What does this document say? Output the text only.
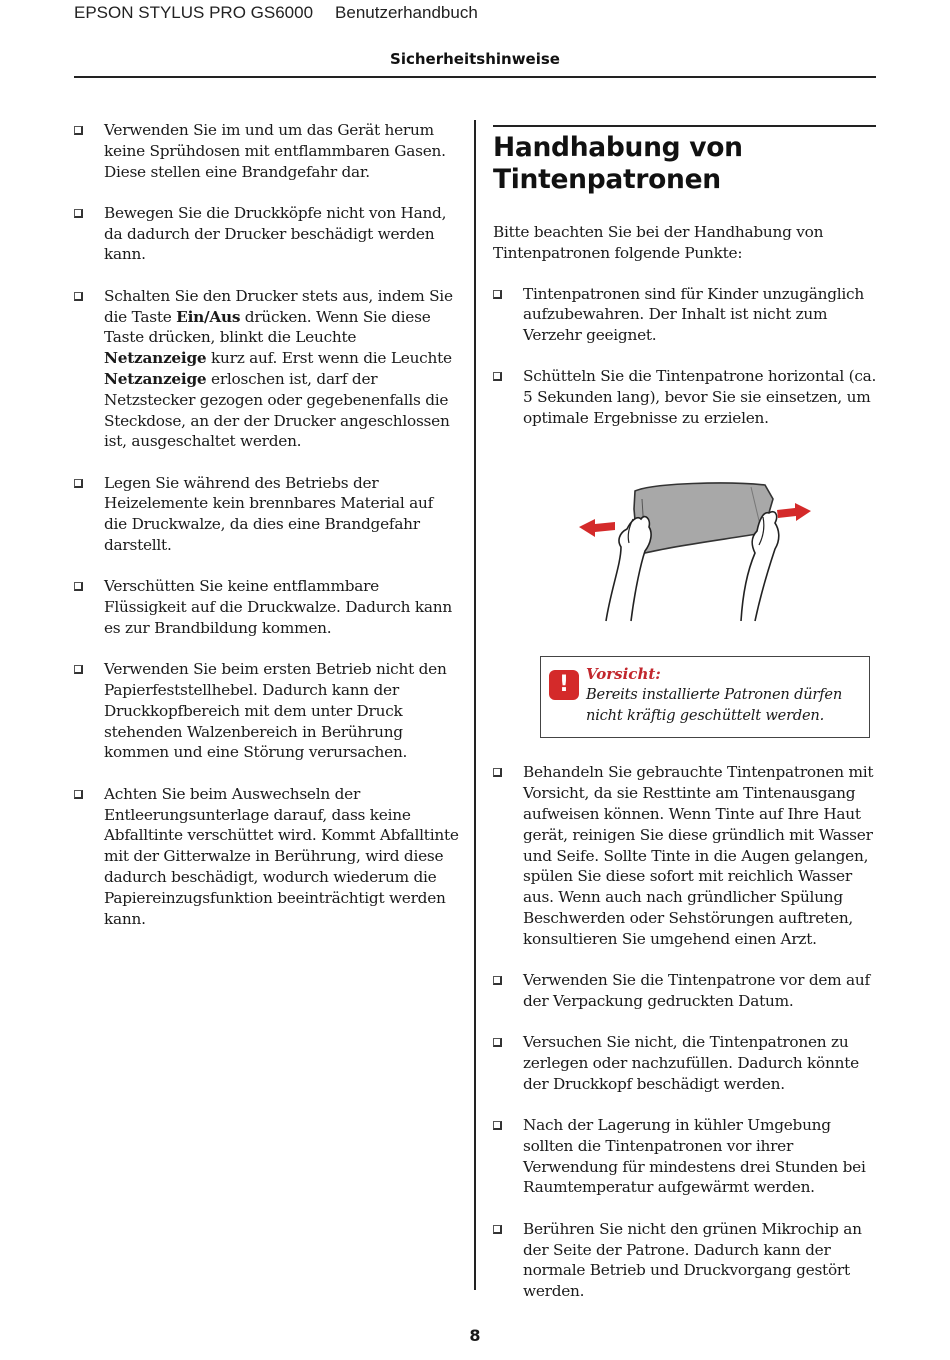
EPSON STYLUS PRO GS6000 Benutzerhandbuch
Sicherheitshinweise
Verwenden Sie im und um das Gerät herum keine Sprühdosen mit entflammbaren Gasen. Diese stellen eine Brandgefahr dar.
Bewegen Sie die Druckköpfe nicht von Hand, da dadurch der Drucker beschädigt werden kann.
Schalten Sie den Drucker stets aus, indem Sie die Taste Ein/Aus drücken. Wenn Sie diese Taste drücken, blinkt die Leuchte Netzanzeige kurz auf. Erst wenn die Leuchte Netzanzeige erloschen ist, darf der Netzstecker gezogen oder gegebenenfalls die Steckdose, an der der Drucker angeschlossen ist, ausgeschaltet werden.
Legen Sie während des Betriebs der Heizelemente kein brennbares Material auf die Druckwalze, da dies eine Brandgefahr darstellt.
Verschütten Sie keine entflammbare Flüssigkeit auf die Druckwalze. Dadurch kann es zur Brandbildung kommen.
Verwenden Sie beim ersten Betrieb nicht den Papierfeststellhebel. Dadurch kann der Druckkopfbereich mit dem unter Druck stehenden Walzenbereich in Berührung kommen und eine Störung verursachen.
Achten Sie beim Auswechseln der Entleerungsunterlage darauf, dass keine Abfalltinte verschüttet wird. Kommt Abfalltinte mit der Gitterwalze in Berührung, wird diese dadurch beschädigt, wodurch wiederum die Papiereinzugsfunktion beeinträchtigt werden kann.
Handhabung von
Tintenpatronen

Bitte beachten Sie bei der Handhabung von Tintenpatronen folgende Punkte:

Tintenpatronen sind für Kinder unzugänglich aufzubewahren. Der Inhalt ist nicht zum Verzehr geeignet.
Schütteln Sie die Tintenpatrone horizontal (ca. 5 Sekunden lang), bevor Sie sie einsetzen, um optimale Ergebnisse zu erzielen.
!	Vorsicht:
Bereits installierte Patronen dürfen nicht kräftig geschüttelt werden.
Behandeln Sie gebrauchte Tintenpatronen mit Vorsicht, da sie Resttinte am Tintenausgang aufweisen können. Wenn Tinte auf Ihre Haut gerät, reinigen Sie diese gründlich mit Wasser und Seife. Sollte Tinte in die Augen gelangen, spülen Sie diese sofort mit reichlich Wasser aus. Wenn auch nach gründlicher Spülung Beschwerden oder Sehstörungen auftreten, konsultieren Sie umgehend einen Arzt.
Verwenden Sie die Tintenpatrone vor dem auf der Verpackung gedruckten Datum.
Versuchen Sie nicht, die Tintenpatronen zu zerlegen oder nachzufüllen. Dadurch könnte der Druckkopf beschädigt werden.
Nach der Lagerung in kühler Umgebung sollten die Tintenpatronen vor ihrer Verwendung für mindestens drei Stunden bei Raumtemperatur aufgewärmt werden.
Berühren Sie nicht den grünen Mikrochip an der Seite der Patrone. Dadurch kann der normale Betrieb und Druckvorgang gestört werden.
8
